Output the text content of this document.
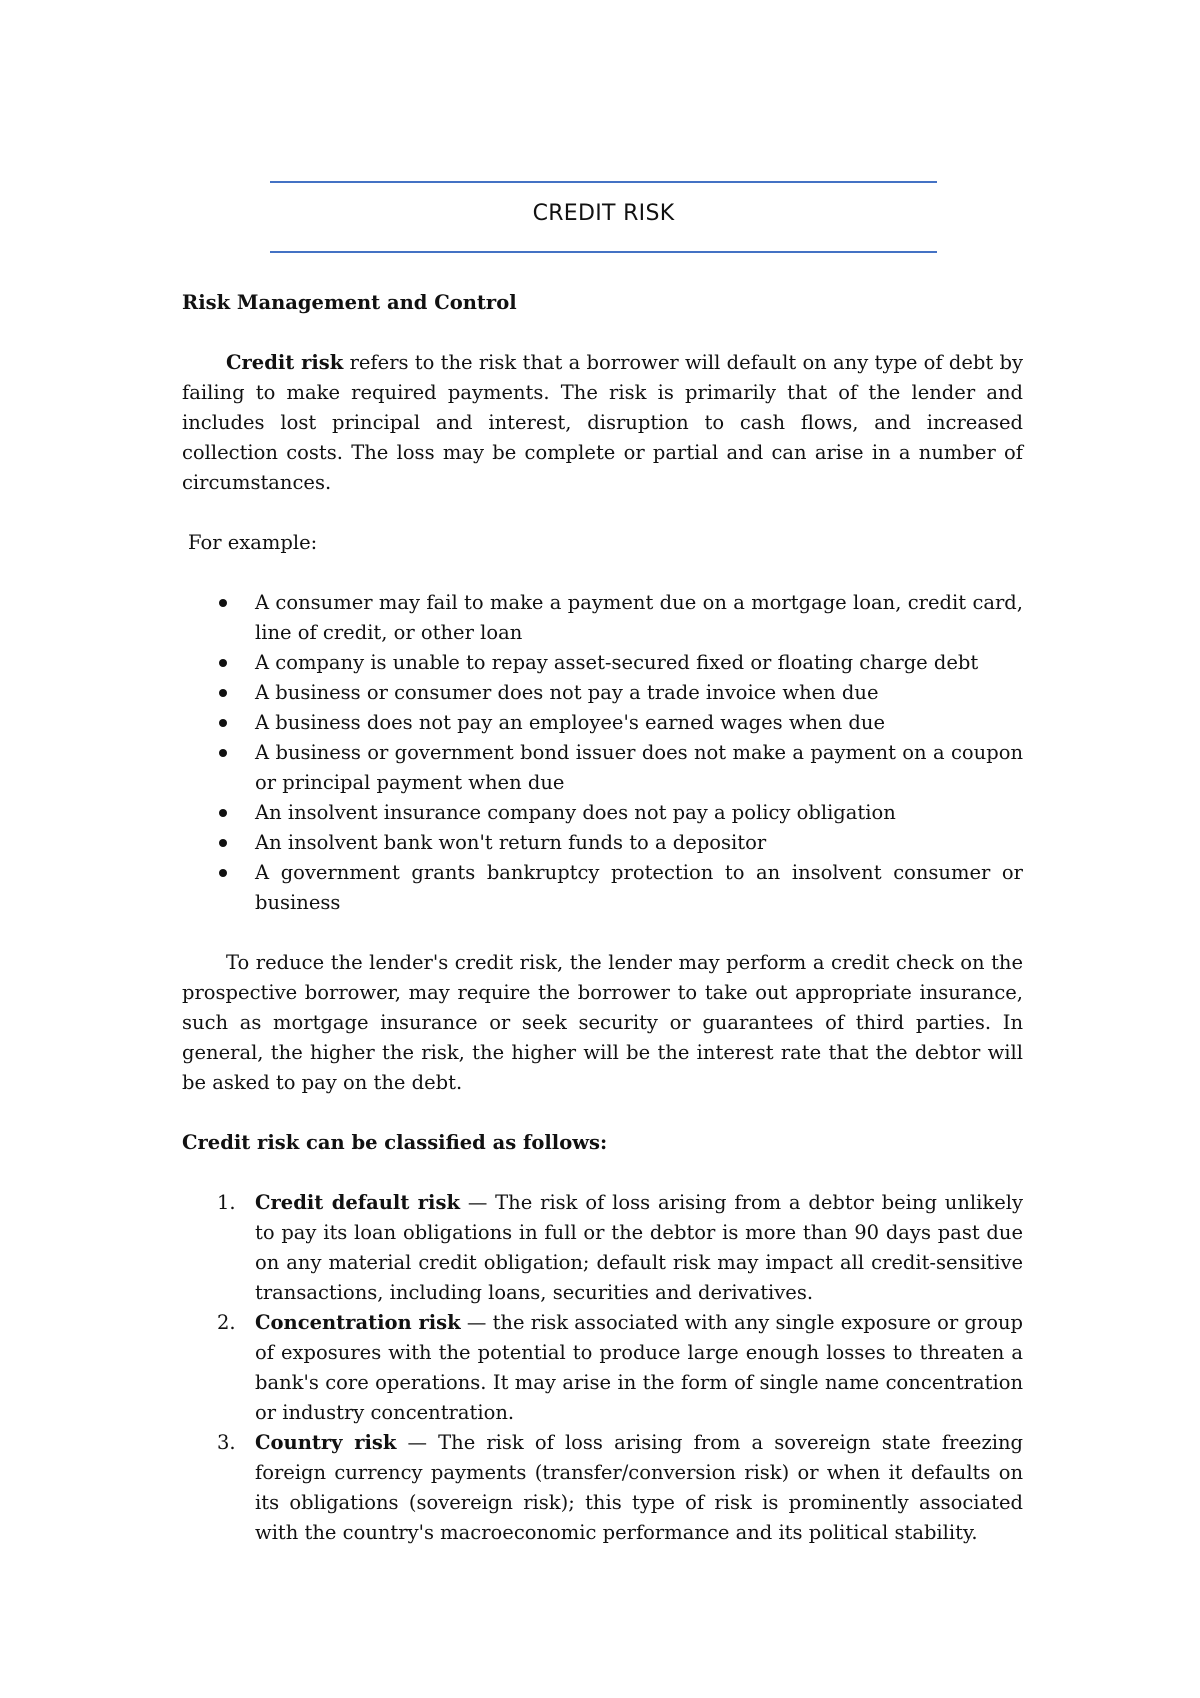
CREDIT RISK

Risk Management and Control

Credit risk refers to the risk that a borrower will default on any type of debt by failing to make required payments. The risk is primarily that of the lender and includes lost principal and interest, disruption to cash flows, and increased collection costs. The loss may be complete or partial and can arise in a number of circumstances.

For example:

A consumer may fail to make a payment due on a mortgage loan, credit card, line of credit, or other loan
A company is unable to repay asset-secured fixed or floating charge debt
A business or consumer does not pay a trade invoice when due
A business does not pay an employee's earned wages when due
A business or government bond issuer does not make a payment on a coupon or principal payment when due
An insolvent insurance company does not pay a policy obligation
An insolvent bank won't return funds to a depositor
A government grants bankruptcy protection to an insolvent consumer or business

To reduce the lender's credit risk, the lender may perform a credit check on the prospective borrower, may require the borrower to take out appropriate insurance, such as mortgage insurance or seek security or guarantees of third parties. In general, the higher the risk, the higher will be the interest rate that the debtor will be asked to pay on the debt.

Credit risk can be classified as follows:

1. Credit default risk — The risk of loss arising from a debtor being unlikely to pay its loan obligations in full or the debtor is more than 90 days past due on any material credit obligation; default risk may impact all credit-sensitive transactions, including loans, securities and derivatives.
2. Concentration risk — the risk associated with any single exposure or group of exposures with the potential to produce large enough losses to threaten a bank's core operations. It may arise in the form of single name concentration or industry concentration.
3. Country risk — The risk of loss arising from a sovereign state freezing foreign currency payments (transfer/conversion risk) or when it defaults on its obligations (sovereign risk); this type of risk is prominently associated with the country's macroeconomic performance and its political stability.
